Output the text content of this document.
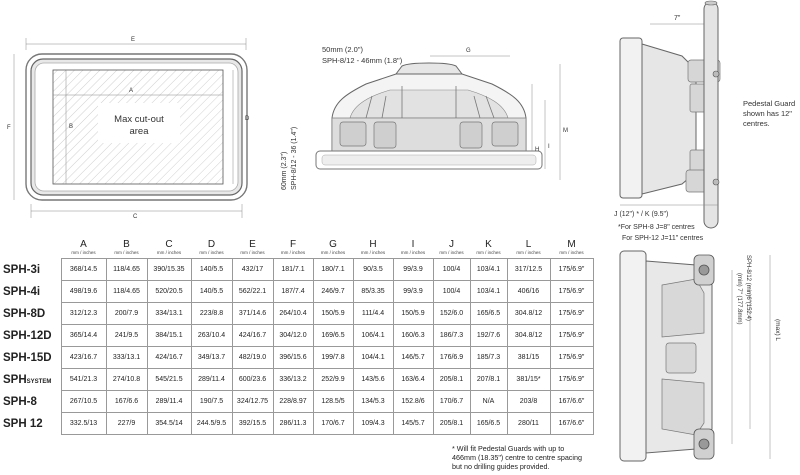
E
Max cut-out
area
A
B
C
D
F
50mm (2.0")
SPH-8/12 - 46mm (1.8")
G
H I
M
60mm (2.3") SPH-8/12 - 36 (1.4")
7"
Pedestal Guard
shown has 12"
centres.
J (12") * / K (9.5")
*For SPH-8 J=8" centres
For SPH-12 J=11" centres
(min) 7" (177.8mm) SPH-8/12 (min)6"(152.4)
(max) L
	A	B	C	D	E	F	G	H	I	J	K	L	M
	mm / inches	mm / inches	mm / inches	mm / inches	mm / inches	mm / inches	mm / inches	mm / inches	mm / inches	mm / inches	mm / inches	mm / inches	mm / inches
SPH-3i	368/14.5	118/4.65	390/15.35	140/5.5	432/17	181/7.1	180/7.1	90/3.5	99/3.9	100/4	103/4.1	317/12.5	175/6.9"
SPH-4i	498/19.6	118/4.65	520/20.5	140/5.5	562/22.1	187/7.4	246/9.7	85/3.35	99/3.9	100/4	103/4.1	406/16	175/6.9"
SPH-8D	312/12.3	200/7.9	334/13.1	223/8.8	371/14.6	264/10.4	150/5.9	111/4.4	150/5.9	152/6.0	165/6.5	304.8/12	175/6.9"
SPH-12D	365/14.4	241/9.5	384/15.1	263/10.4	424/16.7	304/12.0	169/6.5	106/4.1	160/6.3	186/7.3	192/7.6	304.8/12	175/6.9"
SPH-15D	423/16.7	333/13.1	424/16.7	349/13.7	482/19.0	396/15.6	199/7.8	104/4.1	146/5.7	176/6.9	185/7.3	381/15	175/6.9"
SPHSYSTEM	541/21.3	274/10.8	545/21.5	289/11.4	600/23.6	336/13.2	252/9.9	143/5.6	163/6.4	205/8.1	207/8.1	381/15*	175/6.9"
SPH-8	267/10.5	167/6.6	289/11.4	190/7.5	324/12.75	228/8.97	128.5/5	134/5.3	152.8/6	170/6.7	N/A	203/8	167/6.6"
SPH 12	332.5/13	227/9	354.5/14	244.5/9.5	392/15.5	286/11.3	170/6.7	109/4.3	145/5.7	205/8.1	165/6.5	280/11	167/6.6"
* Will fit Pedestal Guards with up to
466mm (18.35") centre to centre spacing
but no drilling guides provided.
